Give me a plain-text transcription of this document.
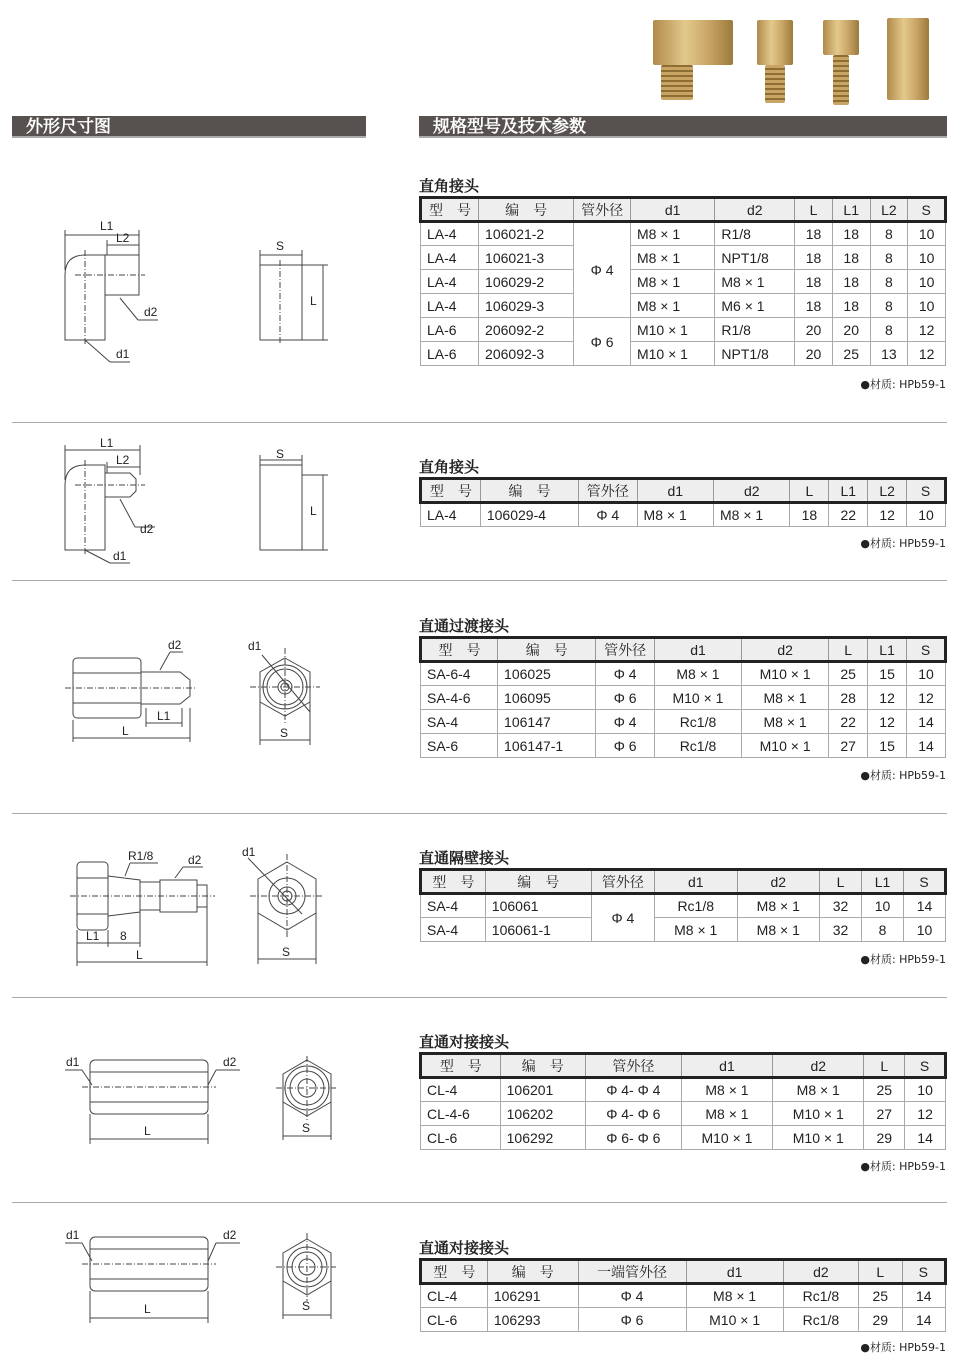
外形尺寸图	规格型号及技术参数
L1
L2
d2
d1
S
L
直角接头
型　号	编　号	管外径	d1	d2	L	L1	L2	S
LA-4	106021-2	Φ 4	M8 × 1	R1/8	18	18	8	10
LA-4	106021-3		M8 × 1	NPT1/8	18	18	8	10
LA-4	106029-2		M8 × 1	M8 × 1	18	18	8	10
LA-4	106029-3		M8 × 1	M6 × 1	18	18	8	10
LA-6	206092-2	Φ 6	M10 × 1	R1/8	20	20	8	12
LA-6	206092-3		M10 × 1	NPT1/8	20	25	13	12
●材质: HPb59-1
L1
L2
d2
d1
S
L
直角接头
型　号	编　号	管外径	d1	d2	L	L1	L2	S
LA-4	106029-4	Φ 4	M8 × 1	M8 × 1	18	22	12	10
●材质: HPb59-1
d2
L1
L
d1
S
直通过渡接头
型　号	编　号	管外径	d1	d2	L	L1	S
SA-6-4	106025	Φ 4	M8 × 1	M10 × 1	25	15	10
SA-4-6	106095	Φ 6	M10 × 1	M8 × 1	28	12	12
SA-4	106147	Φ 4	Rc1/8	M8 × 1	22	12	14
SA-6	106147-1	Φ 6	Rc1/8	M10 × 1	27	15	14
●材质: HPb59-1
R1/8	d2
L1 8
L
d1
S
直通隔壁接头
型　号	编　号	管外径	d1	d2	L	L1	S
SA-4	106061	Φ 4	Rc1/8	M8 × 1	32	10	14
SA-4	106061-1		M8 × 1	M8 × 1	32	8	10
●材质: HPb59-1
d1	d2
L	S
直通对接接头
型　号	编　号	管外径	d1	d2	L	S
CL-4	106201	Φ 4- Φ 4	M8 × 1	M8 × 1	25	10
CL-4-6	106202	Φ 4- Φ 6	M8 × 1	M10 × 1	27	12
CL-6	106292	Φ 6- Φ 6	M10 × 1	M10 × 1	29	14
●材质: HPb59-1
d1	d2
L	S
直通对接接头
型　号	编　号	一端管外径	d1	d2	L	S
CL-4	106291	Φ 4	M8 × 1	Rc1/8	25	14
CL-6	106293	Φ 6	M10 × 1	Rc1/8	29	14
●材质: HPb59-1
